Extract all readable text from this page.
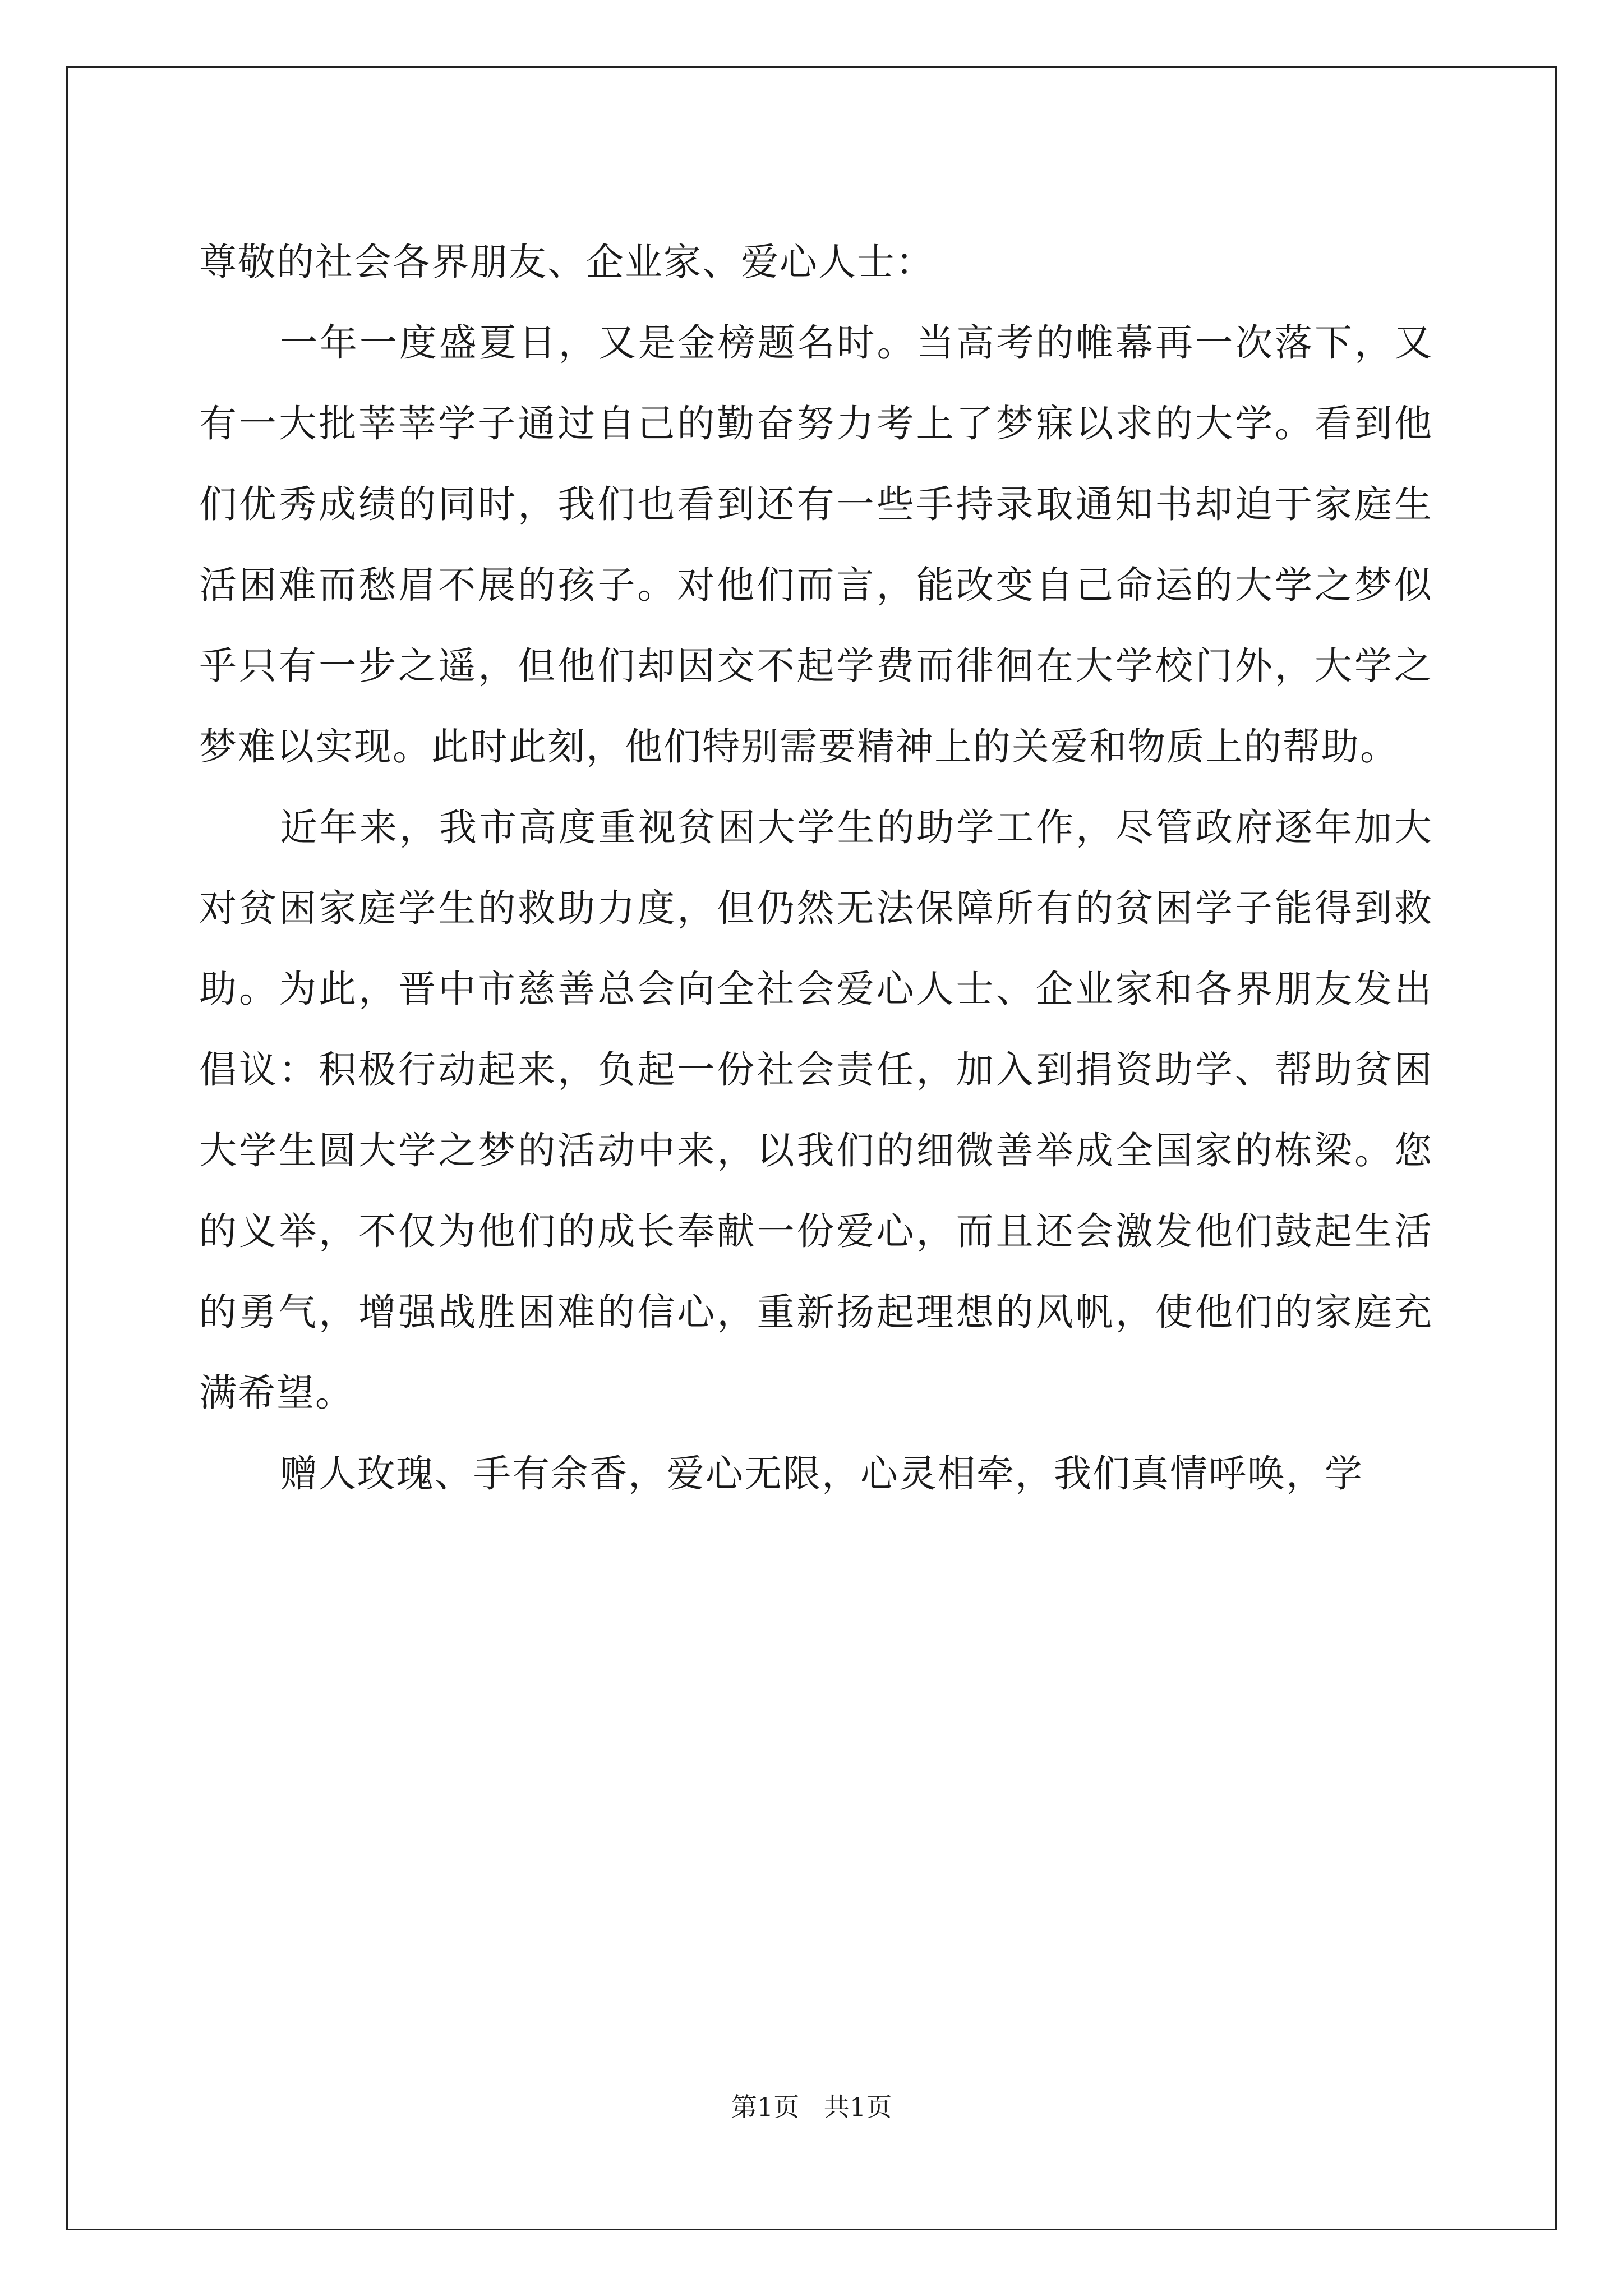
尊敬的社会各界朋友、企业家、爱心人士：

一年一度盛夏日，又是金榜题名时。当高考的帷幕再一次落下，又有一大批莘莘学子通过自己的勤奋努力考上了梦寐以求的大学。看到他们优秀成绩的同时，我们也看到还有一些手持录取通知书却迫于家庭生活困难而愁眉不展的孩子。对他们而言，能改变自己命运的大学之梦似乎只有一步之遥，但他们却因交不起学费而徘徊在大学校门外，大学之梦难以实现。此时此刻，他们特别需要精神上的关爱和物质上的帮助。

近年来，我市高度重视贫困大学生的助学工作，尽管政府逐年加大对贫困家庭学生的救助力度，但仍然无法保障所有的贫困学子能得到救助。为此，晋中市慈善总会向全社会爱心人士、企业家和各界朋友发出倡议：积极行动起来，负起一份社会责任，加入到捐资助学、帮助贫困大学生圆大学之梦的活动中来，以我们的细微善举成全国家的栋梁。您的义举，不仅为他们的成长奉献一份爱心，而且还会激发他们鼓起生活的勇气，增强战胜困难的信心，重新扬起理想的风帆，使他们的家庭充满希望。

赠人玫瑰、手有余香，爱心无限，心灵相牵，我们真情呼唤，学

第1页   共1页
